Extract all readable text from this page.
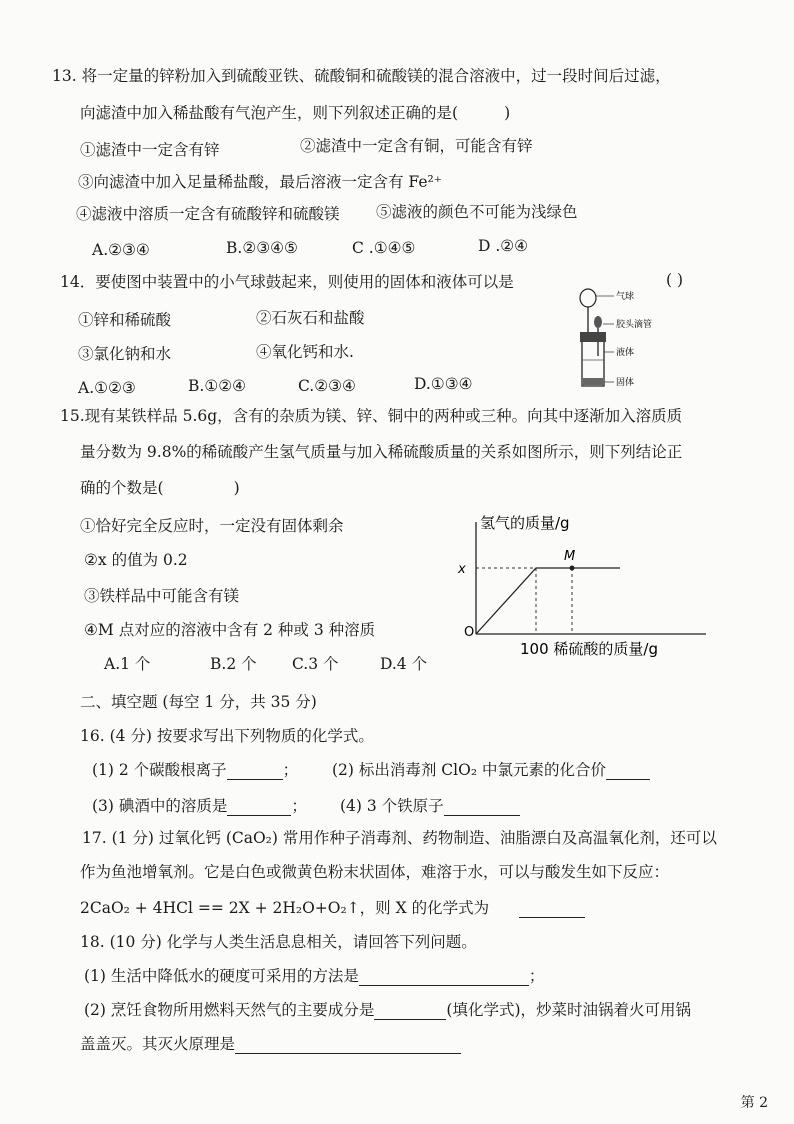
13. 将一定量的锌粉加入到硫酸亚铁、硫酸铜和硫酸镁的混合溶液中，过一段时间后过滤，
向滤渣中加入稀盐酸有气泡产生，则下列叙述正确的是(	)
①滤渣中一定含有锌	②滤渣中一定含有铜，可能含有锌
③向滤渣中加入足量稀盐酸，最后溶液一定含有 Fe²⁺
④滤液中溶质一定含有硫酸锌和硫酸镁 ⑤滤液的颜色不可能为浅绿色
A.②③④	B.②③④⑤	C .①④⑤	D .②④
14．要使图中装置中的小气球鼓起来，则使用的固体和液体可以是	( )
①锌和稀硫酸	②石灰石和盐酸
③氯化钠和水	④氧化钙和水.
A.①②③	B.①②④	C.②③④	D.①③④
气球
胶头滴管
液体
固体
15.现有某铁样品 5.6g，含有的杂质为镁、锌、铜中的两种或三种。向其中逐渐加入溶质质
量分数为 9.8%的稀硫酸产生氢气质量与加入稀硫酸质量的关系如图所示，则下列结论正
确的个数是(	)
①恰好完全反应时，一定没有固体剩余
②x 的值为 0.2
③铁样品中可能含有镁
④M 点对应的溶液中含有 2 种或 3 种溶质
A.1 个	B.2 个 C.3 个	D.4 个
氢气的质量/g
x
O
M
100 稀硫酸的质量/g
二、填空题 (每空 1 分，共 35 分)
16. (4 分) 按要求写出下列物质的化学式。
(1) 2 个碳酸根离子	； (2) 标出消毒剂 ClO₂ 中氯元素的化合价
(3) 碘酒中的溶质是	； (4) 3 个铁原子
17. (1 分) 过氧化钙 (CaO₂) 常用作种子消毒剂、药物制造、油脂漂白及高温氧化剂，还可以
作为鱼池增氧剂。它是白色或微黄色粉末状固体，难溶于水，可以与酸发生如下反应：
2CaO₂ + 4HCl == 2X + 2H₂O+O₂↑，则 X 的化学式为
18. (10 分) 化学与人类生活息息相关，请回答下列问题。
(1) 生活中降低水的硬度可采用的方法是	；
(2) 烹饪食物所用燃料天然气的主要成分是	(填化学式)，炒菜时油锅着火可用锅
盖盖灭。其灭火原理是
第 2
